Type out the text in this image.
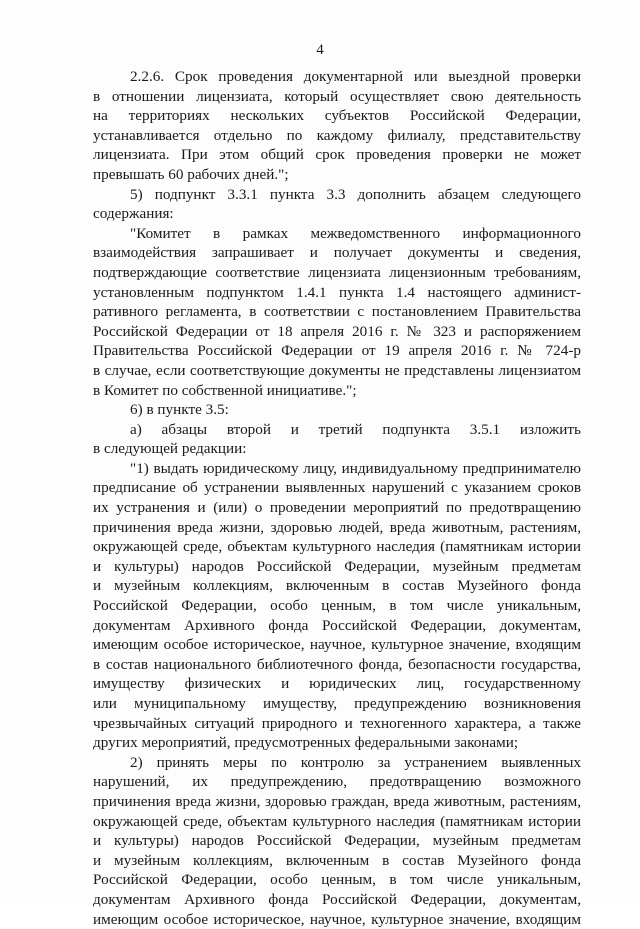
4
2.2.6. Срок проведения документарной или выездной проверки
в отношении лицензиата, который осуществляет свою деятельность
на территориях нескольких субъектов Российской Федерации,
устанавливается отдельно по каждому филиалу, представительству
лицензиата. При этом общий срок проведения проверки не может
превышать 60 рабочих дней.";
5) подпункт 3.3.1 пункта 3.3 дополнить абзацем следующего
содержания:
"Комитет в рамках межведомственного информационного
взаимодействия запрашивает и получает документы и сведения,
подтверждающие соответствие лицензиата лицензионным требованиям,
установленным подпунктом 1.4.1 пункта 1.4 настоящего админист-
ративного регламента, в соответствии с постановлением Правительства
Российской Федерации от 18 апреля 2016 г. № 323 и распоряжением
Правительства Российской Федерации от 19 апреля 2016 г. № 724-р
в случае, если соответствующие документы не представлены лицензиатом
в Комитет по собственной инициативе.";
6) в пункте 3.5:
а) абзацы второй и третий подпункта 3.5.1 изложить
в следующей редакции:
"1) выдать юридическому лицу, индивидуальному предпринимателю
предписание об устранении выявленных нарушений с указанием сроков
их устранения и (или) о проведении мероприятий по предотвращению
причинения вреда жизни, здоровью людей, вреда животным, растениям,
окружающей среде, объектам культурного наследия (памятникам истории
и культуры) народов Российской Федерации, музейным предметам
и музейным коллекциям, включенным в состав Музейного фонда
Российской Федерации, особо ценным, в том числе уникальным,
документам Архивного фонда Российской Федерации, документам,
имеющим особое историческое, научное, культурное значение, входящим
в состав национального библиотечного фонда, безопасности государства,
имуществу физических и юридических лиц, государственному
или муниципальному имуществу, предупреждению возникновения
чрезвычайных ситуаций природного и техногенного характера, а также
других мероприятий, предусмотренных федеральными законами;
2) принять меры по контролю за устранением выявленных
нарушений, их предупреждению, предотвращению возможного
причинения вреда жизни, здоровью граждан, вреда животным, растениям,
окружающей среде, объектам культурного наследия (памятникам истории
и культуры) народов Российской Федерации, музейным предметам
и музейным коллекциям, включенным в состав Музейного фонда
Российской Федерации, особо ценным, в том числе уникальным,
документам Архивного фонда Российской Федерации, документам,
имеющим особое историческое, научное, культурное значение, входящим
